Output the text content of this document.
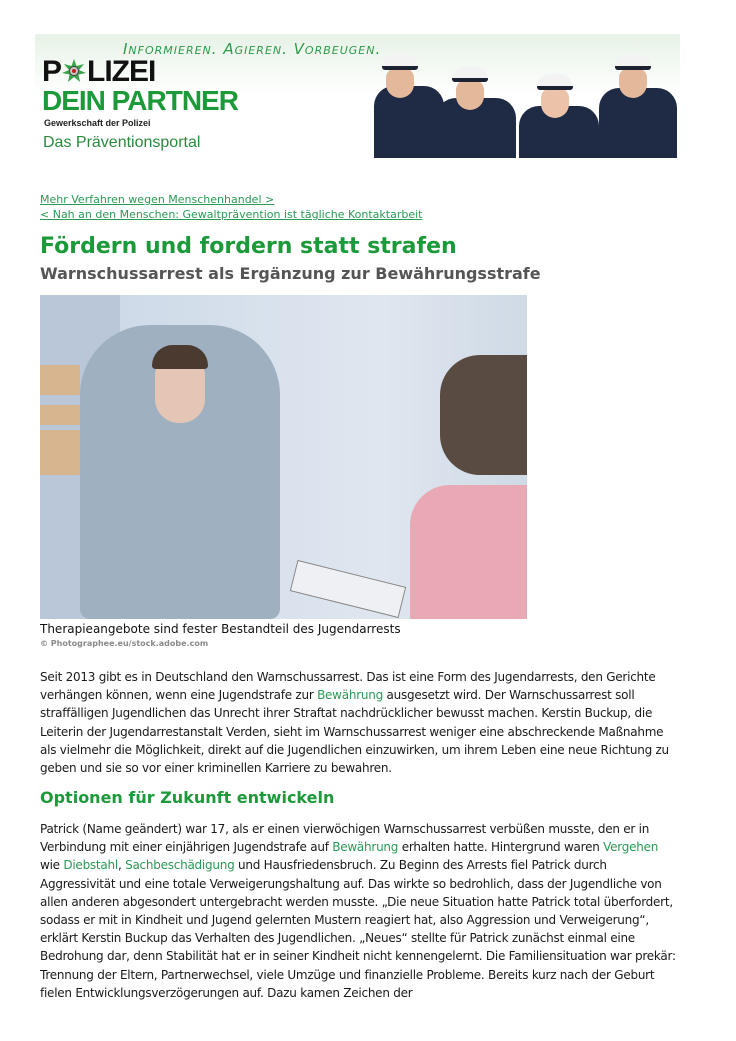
Informieren. Agieren. Vorbeugen.
P LIZEI
DEIN PARTNER
Gewerkschaft der Polizei
Das Präventionsportal
Mehr Verfahren wegen Menschenhandel >
< Nah an den Menschen: Gewaltprävention ist tägliche Kontaktarbeit
Fördern und fordern statt strafen
Warnschussarrest als Ergänzung zur Bewährungsstrafe
Therapieangebote sind fester Bestandteil des Jugendarrests
© Photographee.eu/stock.adobe.com

Seit 2013 gibt es in Deutschland den Warnschussarrest. Das ist eine Form des Jugendarrests, den Gerichte verhängen können, wenn eine Jugendstrafe zur Bewährung ausgesetzt wird. Der Warnschussarrest soll straffälligen Jugendlichen das Unrecht ihrer Straftat nachdrücklicher bewusst machen. Kerstin Buckup, die Leiterin der Jugendarrestanstalt Verden, sieht im Warnschussarrest weniger eine abschreckende Maßnahme als vielmehr die Möglichkeit, direkt auf die Jugendlichen einzuwirken, um ihrem Leben eine neue Richtung zu geben und sie so vor einer kriminellen Karriere zu bewahren.

Optionen für Zukunft entwickeln

Patrick (Name geändert) war 17, als er einen vierwöchigen Warnschussarrest verbüßen musste, den er in Verbindung mit einer einjährigen Jugendstrafe auf Bewährung erhalten hatte. Hintergrund waren Vergehen wie Diebstahl, Sachbeschädigung und Hausfriedensbruch. Zu Beginn des Arrests fiel Patrick durch Aggressivität und eine totale Verweigerungshaltung auf. Das wirkte so bedrohlich, dass der Jugendliche von allen anderen abgesondert untergebracht werden musste. „Die neue Situation hatte Patrick total überfordert, sodass er mit in Kindheit und Jugend gelernten Mustern reagiert hat, also Aggression und Verweigerung“, erklärt Kerstin Buckup das Verhalten des Jugendlichen. „Neues“ stellte für Patrick zunächst einmal eine Bedrohung dar, denn Stabilität hat er in seiner Kindheit nicht kennengelernt. Die Familiensituation war prekär: Trennung der Eltern, Partnerwechsel, viele Umzüge und finanzielle Probleme. Bereits kurz nach der Geburt fielen Entwicklungsverzögerungen auf. Dazu kamen Zeichen der
